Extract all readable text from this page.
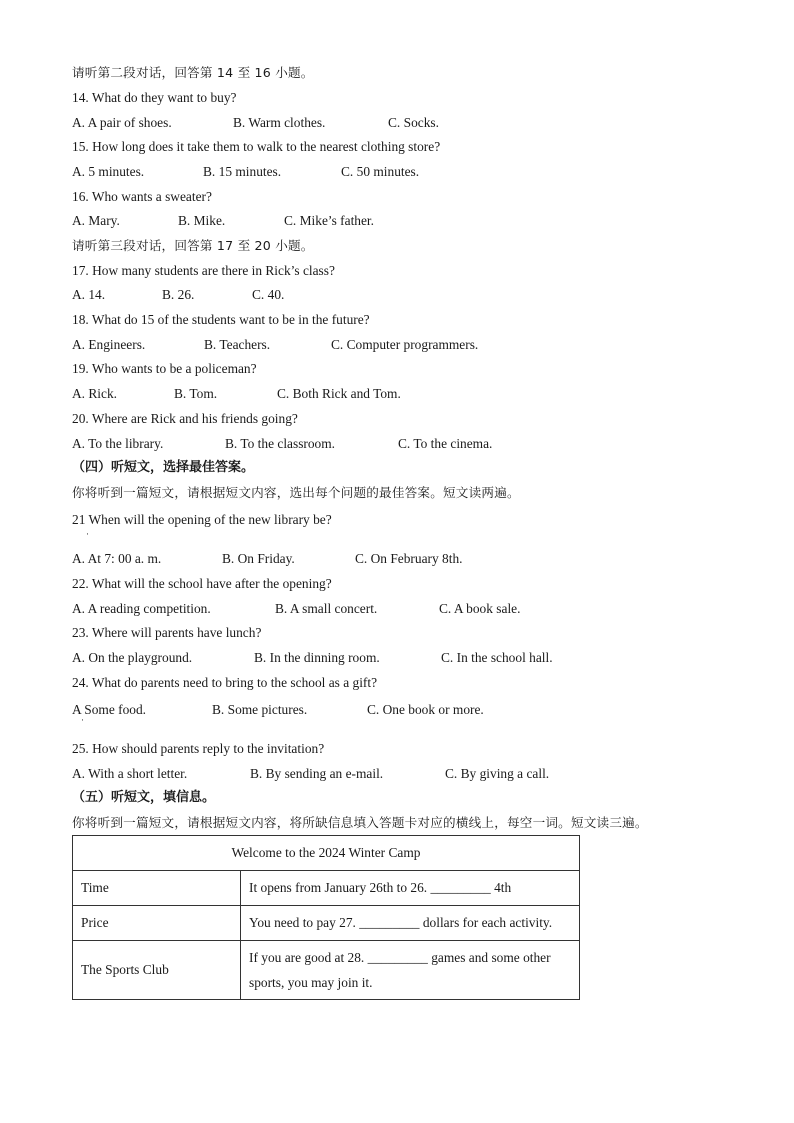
请听第二段对话，回答第 14 至 16 小题。
14. What do they want to buy?
A. A pair of shoes.	B. Warm clothes.	C. Socks.
15. How long does it take them to walk to the nearest clothing store?
A. 5 minutes.	B. 15 minutes.	C. 50 minutes.
16. Who wants a sweater?
A. Mary.	B. Mike.	C. Mike’s father.
请听第三段对话，回答第 17 至 20 小题。
17. How many students are there in Rick’s class?
A. 14.	B. 26.	C. 40.
18. What do 15 of the students want to be in the future?
A. Engineers.	B. Teachers.	C. Computer programmers.
19. Who wants to be a policeman?
A. Rick.	B. Tom.	C. Both Rick and Tom.
20. Where are Rick and his friends going?
A. To the library.	B. To the classroom.	C. To the cinema.
（四）听短文，选择最佳答案。
你将听到一篇短文，请根据短文内容，选出每个问题的最佳答案。短文读两遍。
21 When will the opening of the new library be?
·
A. At 7: 00 a. m.	B. On Friday.	C. On February 8th.
22. What will the school have after the opening?
A. A reading competition.	B. A small concert.	C. A book sale.
23. Where will parents have lunch?
A. On the playground.	B. In the dinning room.	C. In the school hall.
24. What do parents need to bring to the school as a gift?
A Some food.
·
B. Some pictures.	C. One book or more.
25. How should parents reply to the invitation?
A. With a short letter.	B. By sending an e-mail.	C. By giving a call.
（五）听短文，填信息。
你将听到一篇短文，请根据短文内容，将所缺信息填入答题卡对应的横线上，每空一词。短文读三遍。
Welcome to the 2024 Winter Camp	
Time	It opens from January 26th to 26. _________ 4th
Price	You need to pay 27. _________ dollars for each activity.
The Sports Club	If you are good at 28. _________ games and some other sports, you may join it.
